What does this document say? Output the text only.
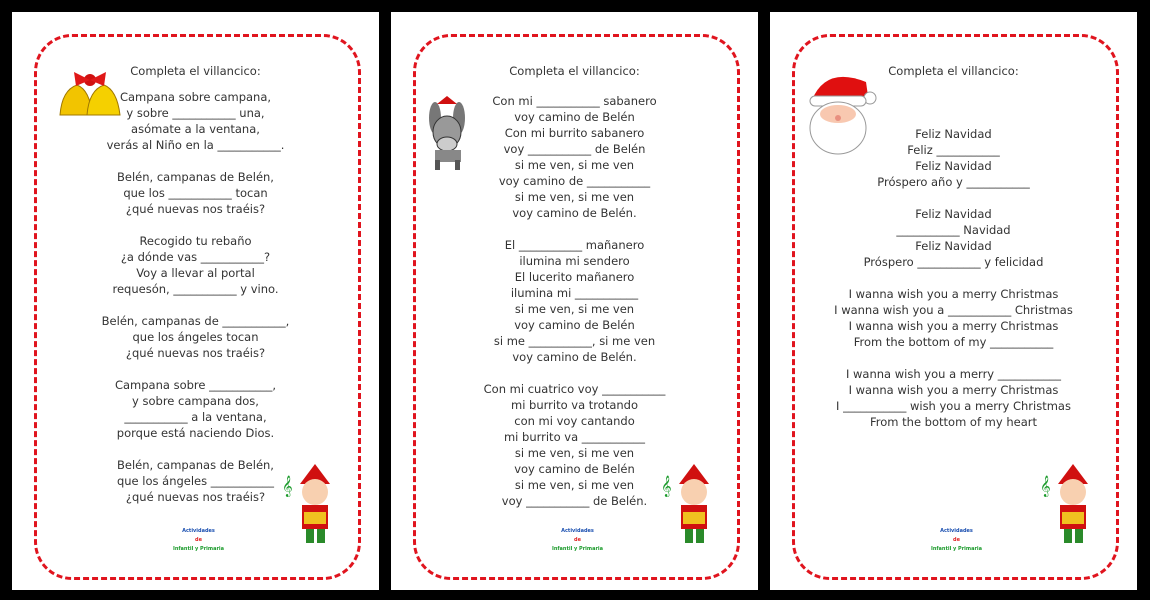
Completa el villancico:
Campana sobre campana,
y sobre ___________ una,
asómate a la ventana,
verás al Niño en la ___________.
Belén, campanas de Belén,
que los ___________ tocan
¿qué nuevas nos traéis?
Recogido tu rebaño
¿a dónde vas ___________?
Voy a llevar al portal
requesón, ___________ y vino.
Belén, campanas de ___________,
que los ángeles tocan
¿qué nuevas nos traéis?
Campana sobre ___________,
y sobre campana dos,
___________ a la ventana,
porque está naciendo Dios.
Belén, campanas de Belén,
que los ángeles ___________
¿qué nuevas nos traéis? 𝄞
Actividades
de
Infantil y Primaria
Completa el villancico:
Con mi ___________ sabanero
voy camino de Belén
Con mi burrito sabanero
voy ___________ de Belén
si me ven, si me ven
voy camino de ___________
si me ven, si me ven
voy camino de Belén.
El ___________ mañanero
ilumina mi sendero
El lucerito mañanero
ilumina mi ___________
si me ven, si me ven
voy camino de Belén
si me ___________, si me ven
voy camino de Belén.
Con mi cuatrico voy ___________
mi burrito va trotando
con mi voy cantando
mi burrito va ___________
si me ven, si me ven
voy camino de Belén
si me ven, si me ven
voy ___________ de Belén.
𝄞
Actividades
de
Infantil y Primaria
Completa el villancico:
Feliz Navidad
Feliz ___________
Feliz Navidad
Próspero año y ___________
Feliz Navidad
___________ Navidad
Feliz Navidad
Próspero ___________ y felicidad
I wanna wish you a merry Christmas
I wanna wish you a ___________ Christmas
I wanna wish you a merry Christmas
From the bottom of my ___________
I wanna wish you a merry ___________
I wanna wish you a merry Christmas
I ___________ wish you a merry Christmas
From the bottom of my heart
𝄞
Actividades
de
Infantil y Primaria
